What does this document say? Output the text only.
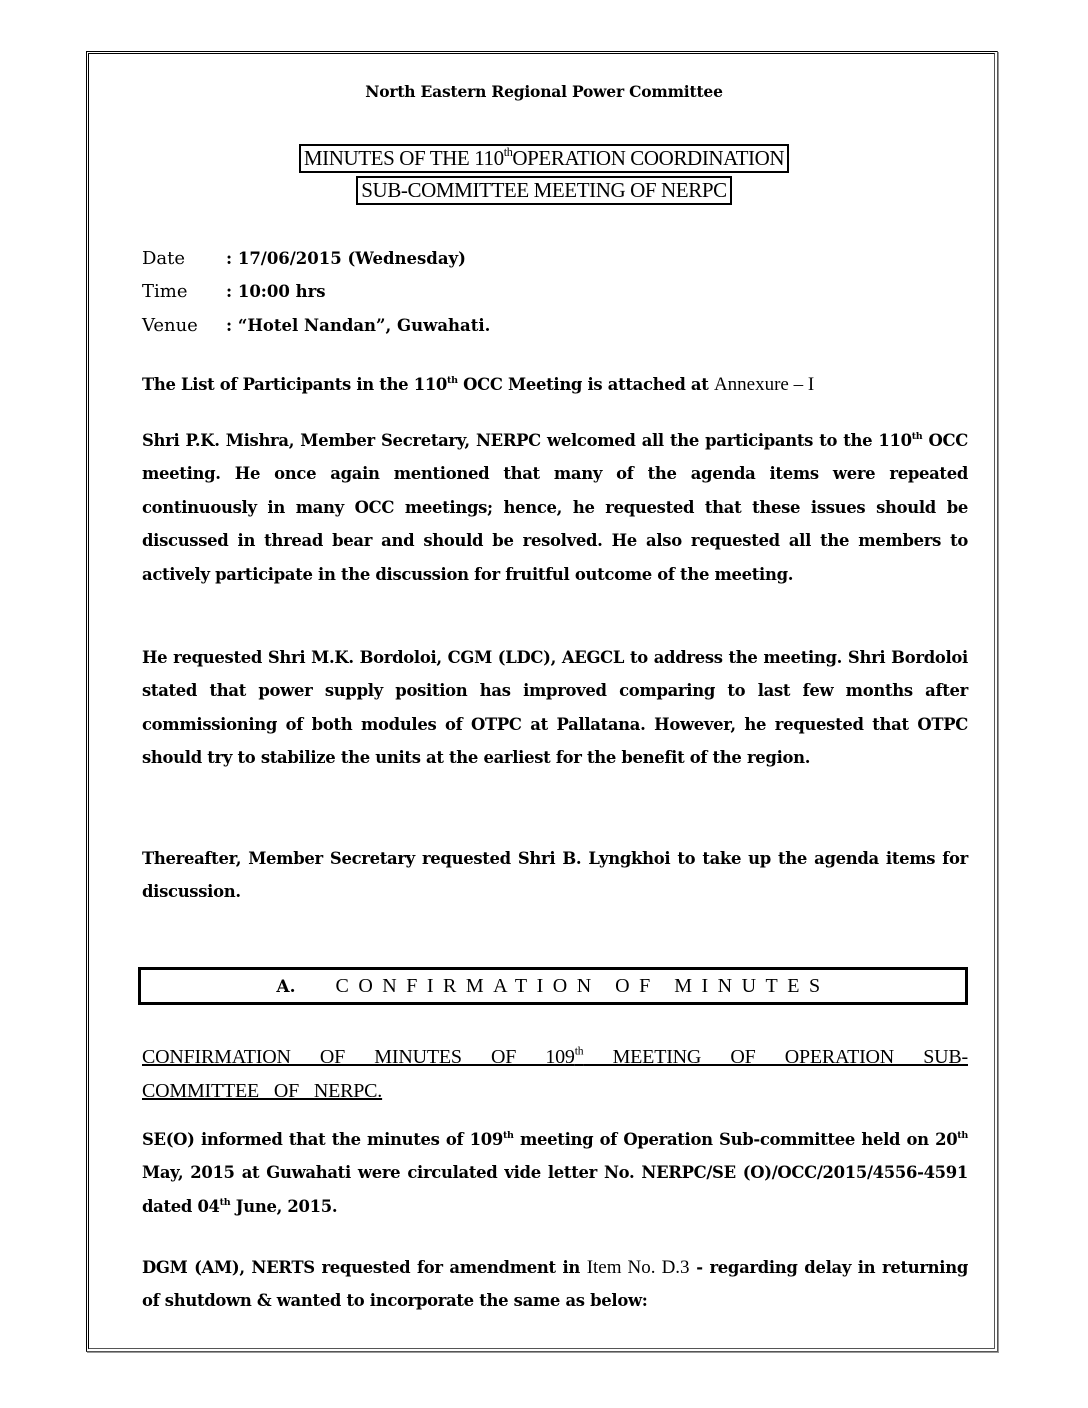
North Eastern Regional Power Committee
MINUTES OF THE 110thOPERATION COORDINATION
SUB-COMMITTEE MEETING OF NERPC
Date : 17/06/2015 (Wednesday)
Time : 10:00 hrs
Venue : “Hotel Nandan”, Guwahati.
The List of Participants in the 110th OCC Meeting is attached at Annexure – I
Shri P.K. Mishra, Member Secretary, NERPC welcomed all the participants to the 110th OCC meeting. He once again mentioned that many of the agenda items were repeated continuously in many OCC meetings; hence, he requested that these issues should be discussed in thread bear and should be resolved. He also requested all the members to actively participate in the discussion for fruitful outcome of the meeting.
He requested Shri M.K. Bordoloi, CGM (LDC), AEGCL to address the meeting. Shri Bordoloi stated that power supply position has improved comparing to last few months after commissioning of both modules of OTPC at Pallatana. However, he requested that OTPC should try to stabilize the units at the earliest for the benefit of the region.
Thereafter, Member Secretary requested Shri B. Lyngkhoi to take up the agenda items for discussion.
A. CONFIRMATION OF MINUTES
CONFIRMATION OF MINUTES OF 109th MEETING OF OPERATION SUB-COMMITTEE OF NERPC.
SE(O) informed that the minutes of 109th meeting of Operation Sub-committee held on 20th May, 2015 at Guwahati were circulated vide letter No. NERPC/SE (O)/OCC/2015/4556-4591 dated 04th June, 2015.
DGM (AM), NERTS requested for amendment in Item No. D.3 - regarding delay in returning of shutdown & wanted to incorporate the same as below:
